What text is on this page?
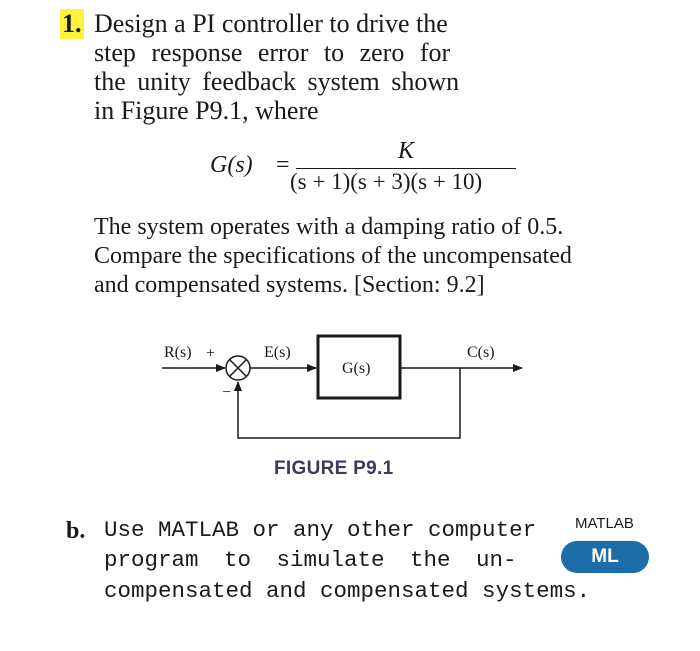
1. Design a PI controller to drive the
step response error to zero for
the unity feedback system shown
in Figure P9.1, where
G(s) =
K
(s + 1)(s + 3)(s + 10)
The system operates with a damping ratio of 0.5.
Compare the specifications of the uncompensated
and compensated systems. [Section: 9.2]
R(s) +
−
E(s)
G(s)
C(s)
FIGURE P9.1
b. Use MATLAB or any other computer
program to simulate the un-
compensated and compensated systems.
MATLAB
ML
